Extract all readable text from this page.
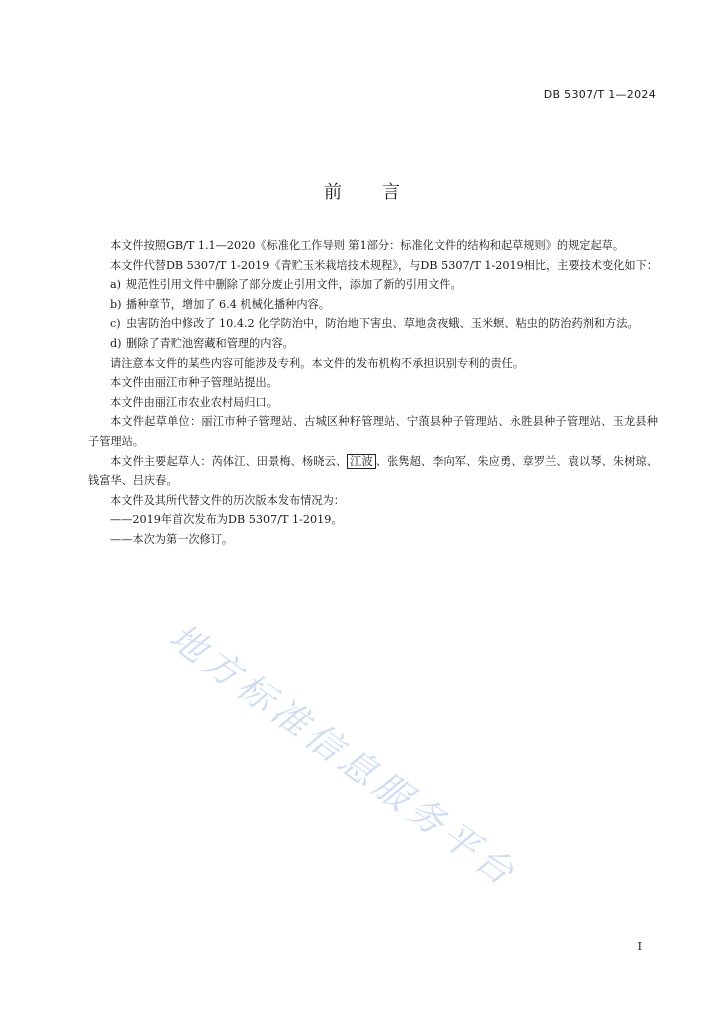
DB 5307/T 1—2024
前言

本文件按照GB/T 1.1—2020《标准化工作导则 第1部分：标准化文件的结构和起草规则》的规定起草。

本文件代替DB 5307/T 1-2019《青贮玉米栽培技术规程》，与DB 5307/T 1-2019相比，主要技术变化如下：

a) 规范性引用文件中删除了部分废止引用文件，添加了新的引用文件。
b) 播种章节，增加了 6.4 机械化播种内容。
c) 虫害防治中修改了 10.4.2 化学防治中，防治地下害虫、草地贪夜蛾、玉米螟、粘虫的防治药剂和方法。
d) 删除了青贮池窖藏和管理的内容。

请注意本文件的某些内容可能涉及专利。本文件的发布机构不承担识别专利的责任。

本文件由丽江市种子管理站提出。

本文件由丽江市农业农村局归口。

本文件起草单位：丽江市种子管理站、古城区种籽管理站、宁蒗县种子管理站、永胜县种子管理站、玉龙县种子管理站。

本文件主要起草人：芮体江、田景梅、杨晓云、 江波 、张隽超、李向军、朱应勇、章罗兰、袁以琴、朱树琼、钱富华、吕庆春。

本文件及其所代替文件的历次版本发布情况为：

——2019年首次发布为DB 5307/T 1-2019。

——本次为第一次修订。

地方标准信息服务平台
I
